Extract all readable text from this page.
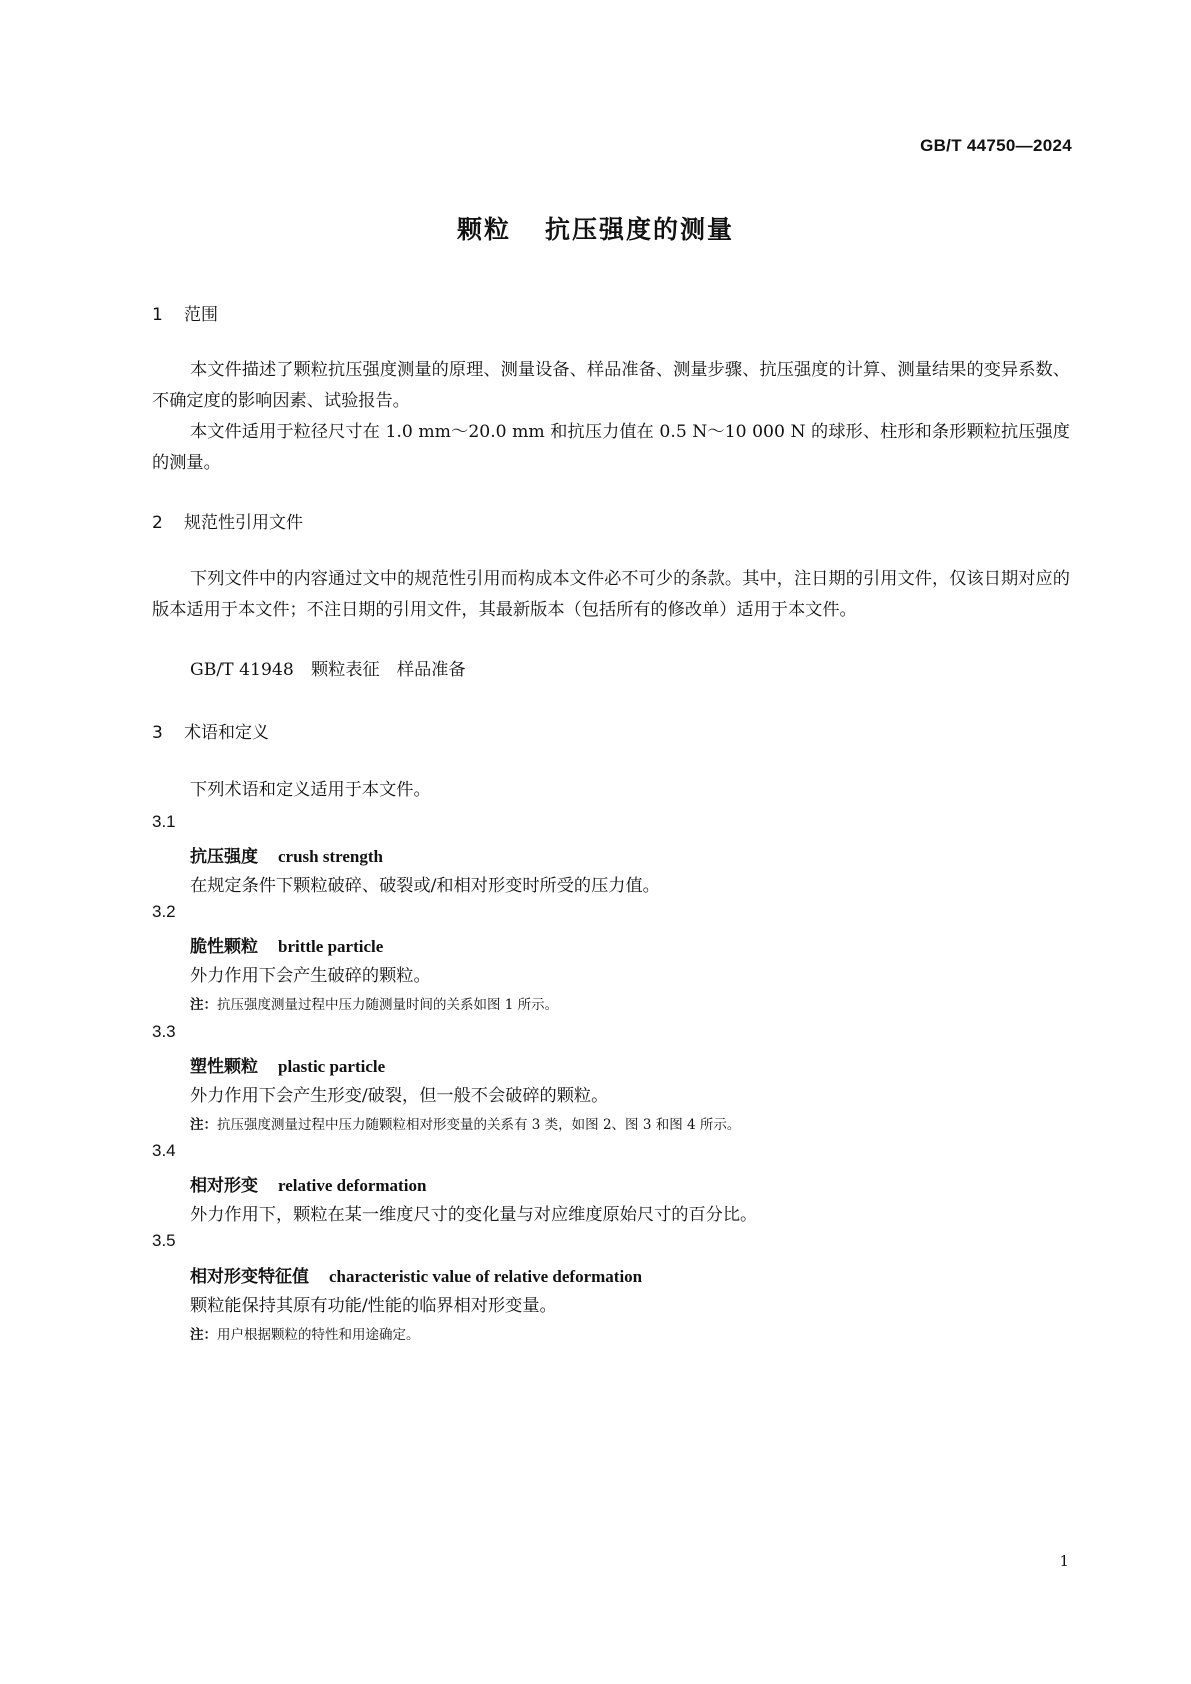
GB/T 44750—2024
颗粒 抗压强度的测量
1 范围
本文件描述了颗粒抗压强度测量的原理、测量设备、样品准备、测量步骤、抗压强度的计算、测量结果的变异系数、不确定度的影响因素、试验报告。
本文件适用于粒径尺寸在 1.0 mm～20.0 mm 和抗压力值在 0.5 N～10 000 N 的球形、柱形和条形颗粒抗压强度的测量。
2 规范性引用文件
下列文件中的内容通过文中的规范性引用而构成本文件必不可少的条款。其中，注日期的引用文件，仅该日期对应的版本适用于本文件；不注日期的引用文件，其最新版本（包括所有的修改单）适用于本文件。
GB/T 41948　颗粒表征　样品准备
3 术语和定义
下列术语和定义适用于本文件。
3.1
抗压强度 crush strength
在规定条件下颗粒破碎、破裂或/和相对形变时所受的压力值。
3.2
脆性颗粒 brittle particle
外力作用下会产生破碎的颗粒。
注：抗压强度测量过程中压力随测量时间的关系如图 1 所示。
3.3
塑性颗粒 plastic particle
外力作用下会产生形变/破裂，但一般不会破碎的颗粒。
注：抗压强度测量过程中压力随颗粒相对形变量的关系有 3 类，如图 2、图 3 和图 4 所示。
3.4
相对形变 relative deformation
外力作用下，颗粒在某一维度尺寸的变化量与对应维度原始尺寸的百分比。
3.5
相对形变特征值 characteristic value of relative deformation
颗粒能保持其原有功能/性能的临界相对形变量。
注：用户根据颗粒的特性和用途确定。
1
